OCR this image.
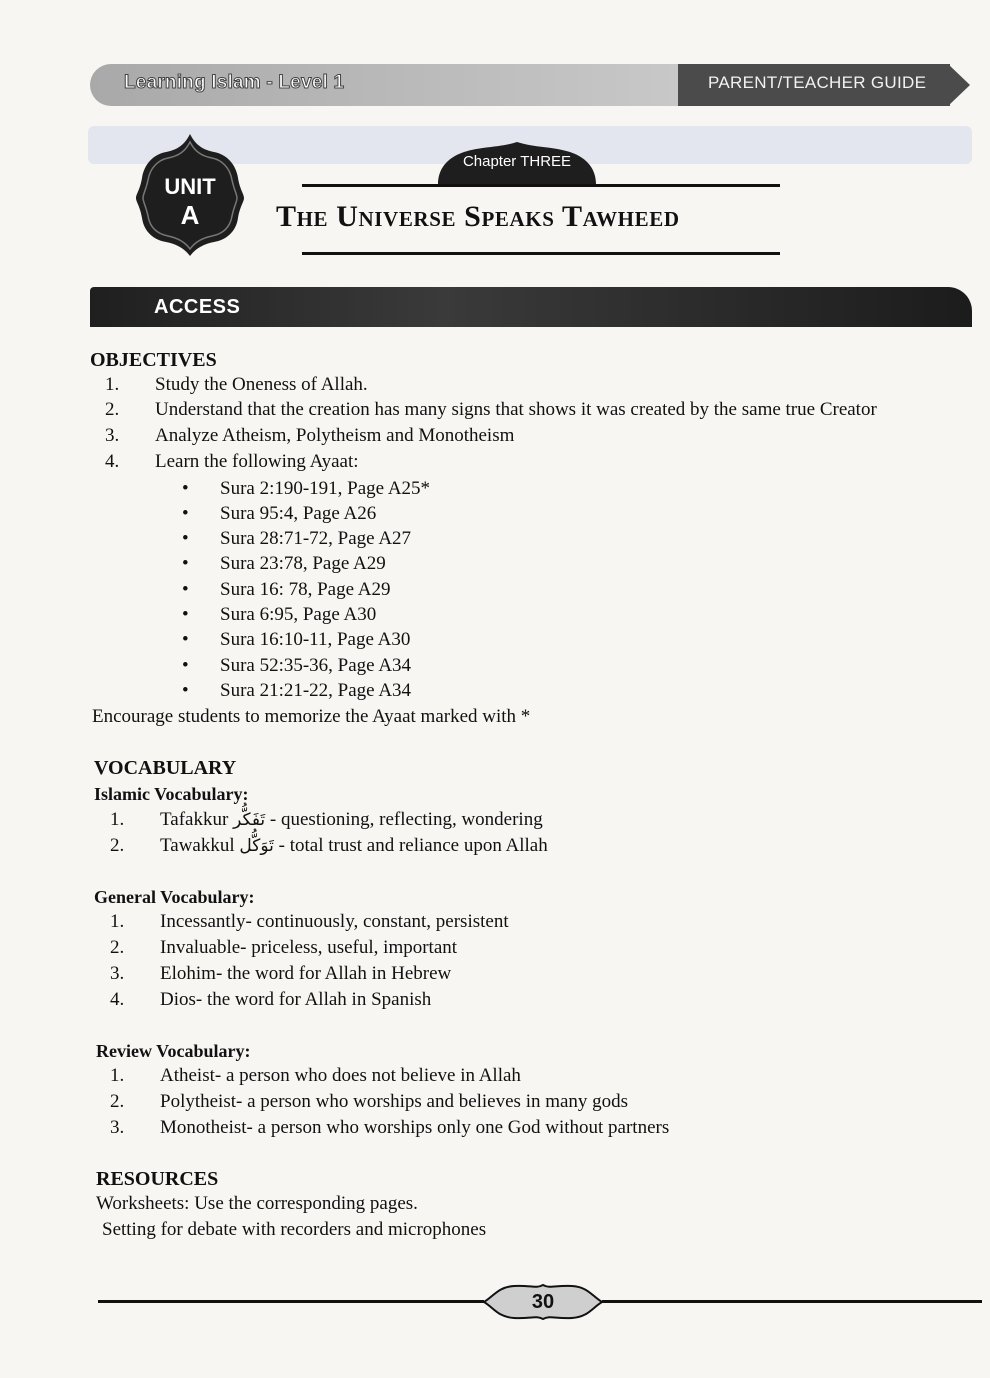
Learning Islam - Level 1	PARENT/TEACHER GUIDE
UNIT
A
Chapter THREE
The Universe Speaks Tawheed
ACCESS
OBJECTIVES
1. Study the Oneness of Allah.
2. Understand that the creation has many signs that shows it was created by the same true Creator
3. Analyze Atheism, Polytheism and Monotheism
4. Learn the following Ayaat:
• Sura 2:190-191, Page A25*
• Sura 95:4, Page A26
• Sura 28:71-72, Page A27
• Sura 23:78, Page A29
• Sura 16: 78, Page A29
• Sura 6:95, Page A30
• Sura 16:10-11, Page A30
• Sura 52:35-36, Page A34
• Sura 21:21-22, Page A34
Encourage students to memorize the Ayaat marked with *
VOCABULARY
Islamic Vocabulary:
1. Tafakkur تَفَكُّر - questioning, reflecting, wondering
2. Tawakkul تَوَكُّل - total trust and reliance upon Allah
General Vocabulary:
1. Incessantly- continuously, constant, persistent
2. Invaluable- priceless, useful, important
3. Elohim- the word for Allah in Hebrew
4. Dios- the word for Allah in Spanish
Review Vocabulary:
1. Atheist- a person who does not believe in Allah
2. Polytheist- a person who worships and believes in many gods
3. Monotheist- a person who worships only one God without partners
RESOURCES
Worksheets: Use the corresponding pages.
Setting for debate with recorders and microphones
30
